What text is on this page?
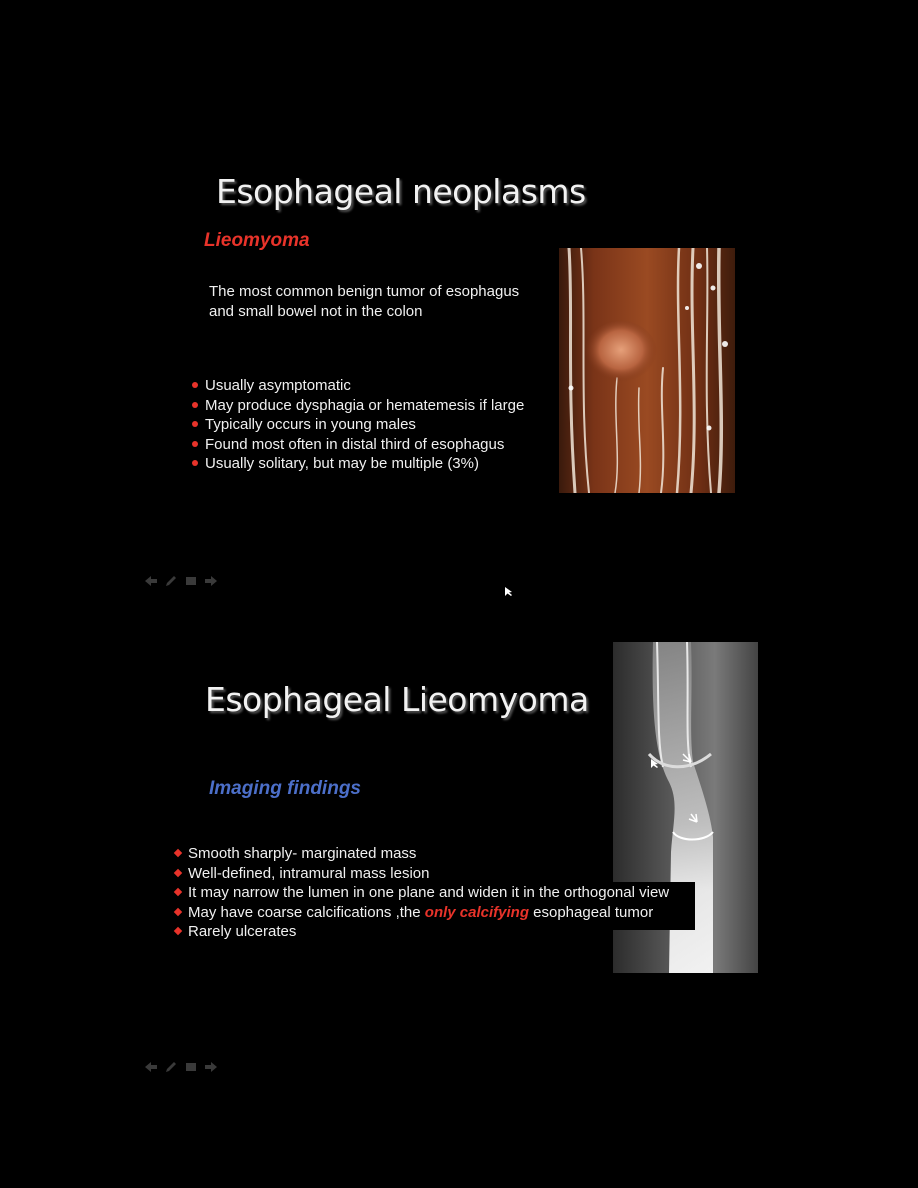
Esophageal neoplasms
Lieomyoma
The most common benign tumor of esophagus
and small bowel not in the colon
Usually asymptomatic
May produce dysphagia or hematemesis if large
Typically occurs in young males
Found most often in distal third of esophagus
Usually solitary, but may be multiple (3%)
Esophageal Lieomyoma
Imaging findings
Smooth sharply- marginated mass
Well-defined, intramural mass lesion
It may narrow the lumen in one plane and widen it in the orthogonal view
May have coarse calcifications ,the only calcifying esophageal tumor
Rarely ulcerates
